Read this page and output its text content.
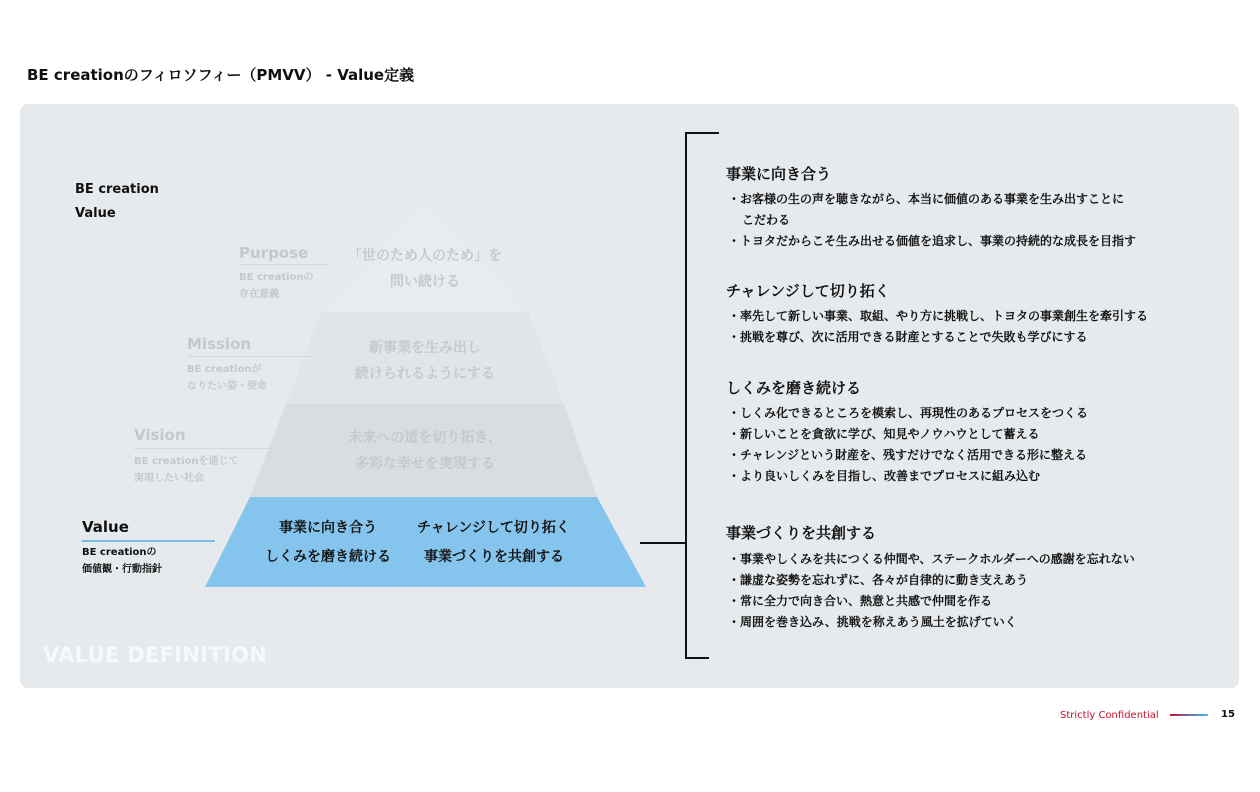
BE creationのフィロソフィー（PMVV） - Value定義
BE creation
Value
Purpose
BE creationの
存在意義
「世のため人のため」を
問い続ける
Mission
BE creationが
なりたい姿・使命
新事業を生み出し
続けられるようにする
Vision
BE creationを通じて
実現したい社会
未来への道を切り拓き、
多彩な幸せを実現する
Value
BE creationの
価値観・行動指針
事業に向き合う	チャレンジして切り拓く
しくみを磨き続ける 事業づくりを共創する
VALUE DEFINITION
事業に向き合う
・お客様の生の声を聴きながら、本当に価値のある事業を生み出すことに
こだわる
・トヨタだからこそ生み出せる価値を追求し、事業の持続的な成長を目指す
チャレンジして切り拓く
・率先して新しい事業、取組、やり方に挑戦し、トヨタの事業創生を牽引する
・挑戦を尊び、次に活用できる財産とすることで失敗も学びにする
しくみを磨き続ける
・しくみ化できるところを模索し、再現性のあるプロセスをつくる
・新しいことを貪欲に学び、知見やノウハウとして蓄える
・チャレンジという財産を、残すだけでなく活用できる形に整える
・より良いしくみを目指し、改善までプロセスに組み込む
事業づくりを共創する
・事業やしくみを共につくる仲間や、ステークホルダーへの感謝を忘れない
・謙虚な姿勢を忘れずに、各々が自律的に動き支えあう
・常に全力で向き合い、熱意と共感で仲間を作る
・周囲を巻き込み、挑戦を称えあう風土を拡げていく
Strictly Confidential	15
